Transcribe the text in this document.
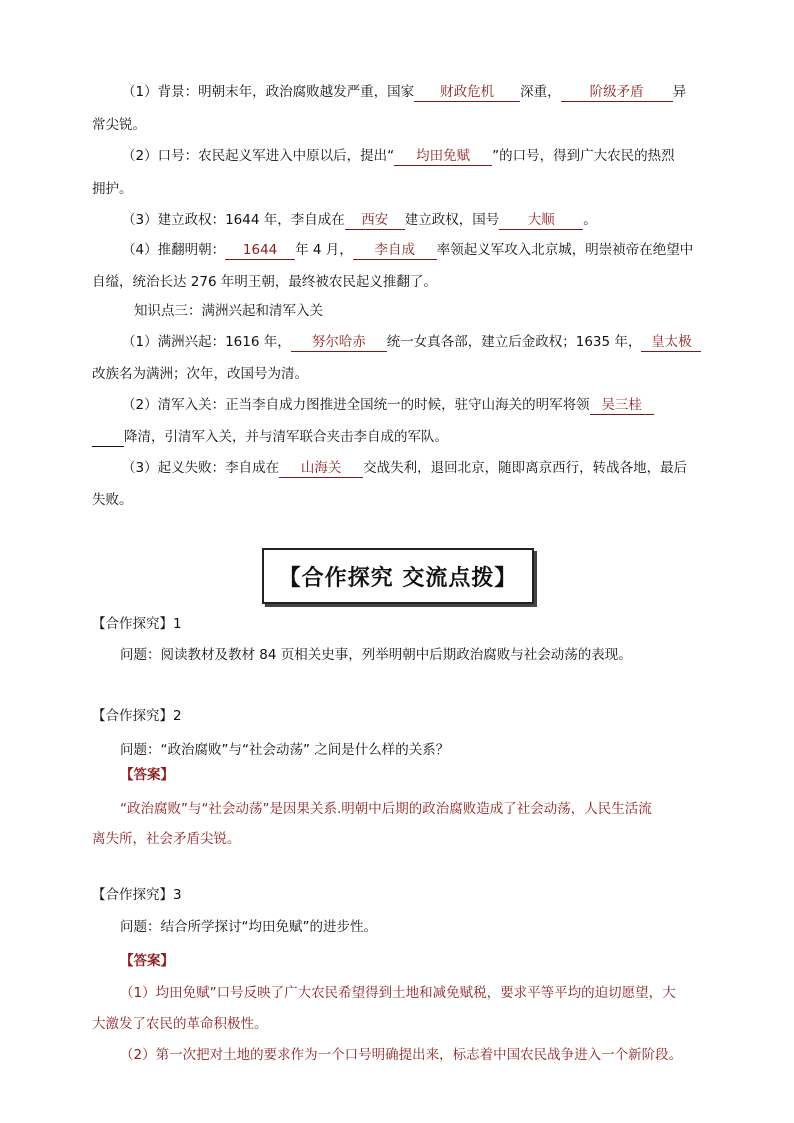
（1）背景：明朝末年，政治腐败越发严重，国家 财政危机 深重， 阶级矛盾 异
常尖锐。
（2）口号：农民起义军进入中原以后，提出“ 均田免赋 ”的口号，得到广大农民的热烈
拥护。
（3）建立政权：1644 年，李自成在 西安 建立政权，国号 大顺 。
（4）推翻明朝： 1644 年 4 月， 李自成 率领起义军攻入北京城，明崇祯帝在绝望中
自缢，统治长达 276 年明王朝，最终被农民起义推翻了。
知识点三：满洲兴起和清军入关
（1）满洲兴起：1616 年， 努尔哈赤 统一女真各部，建立后金政权；1635 年， 皇太极
改族名为满洲；次年，改国号为清。
（2）清军入关：正当李自成力图推进全国统一的时候，驻守山海关的明军将领 吴三桂
降清，引清军入关，并与清军联合夹击李自成的军队。
（3）起义失败：李自成在 山海关 交战失利，退回北京，随即离京西行，转战各地，最后
失败。
【合作探究 交流点拨】
【合作探究】1
问题：阅读教材及教材 84 页相关史事，列举明朝中后期政治腐败与社会动荡的表现。
【合作探究】2
问题：“政治腐败”与“社会动荡” 之间是什么样的关系？
【答案】
“政治腐败”与“社会动荡”是因果关系.明朝中后期的政治腐败造成了社会动荡，人民生活流
离失所，社会矛盾尖锐。
【合作探究】3
问题：结合所学探讨“均田免赋”的进步性。
【答案】
（1）均田免赋”口号反映了广大农民希望得到土地和减免赋税，要求平等平均的迫切愿望，大
大激发了农民的革命积极性。
（2）第一次把对土地的要求作为一个口号明确提出来，标志着中国农民战争进入一个新阶段。
